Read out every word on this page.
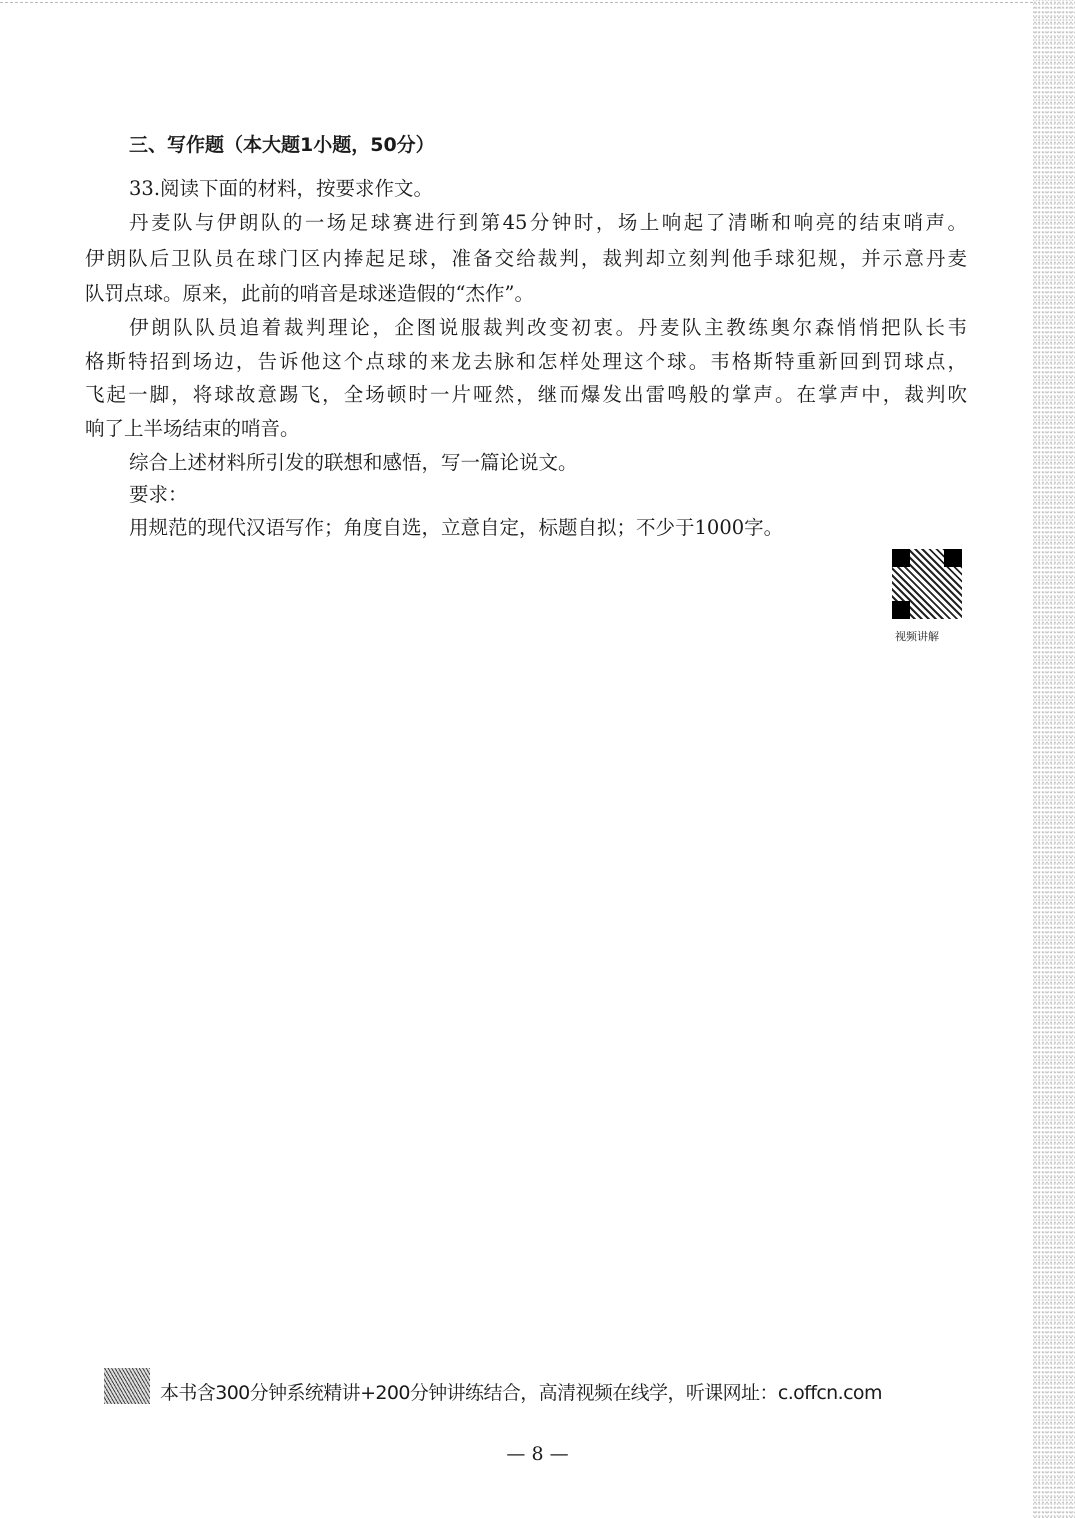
三、写作题（本大题1小题，50分）
33.阅读下面的材料，按要求作文。
丹麦队与伊朗队的一场足球赛进行到第45分钟时，场上响起了清晰和响亮的结束哨声。
伊朗队后卫队员在球门区内捧起足球，准备交给裁判，裁判却立刻判他手球犯规，并示意丹麦
队罚点球。原来，此前的哨音是球迷造假的“杰作”。
伊朗队队员追着裁判理论，企图说服裁判改变初衷。丹麦队主教练奥尔森悄悄把队长韦
格斯特招到场边，告诉他这个点球的来龙去脉和怎样处理这个球。韦格斯特重新回到罚球点，
飞起一脚，将球故意踢飞，全场顿时一片哑然，继而爆发出雷鸣般的掌声。在掌声中，裁判吹
响了上半场结束的哨音。
综合上述材料所引发的联想和感悟，写一篇论说文。
要求：
用规范的现代汉语写作；角度自选，立意自定，标题自拟；不少于1000字。
视频讲解
本书含300分钟系统精讲+200分钟讲练结合，高清视频在线学，听课网址：c.offcn.com
— 8 —
